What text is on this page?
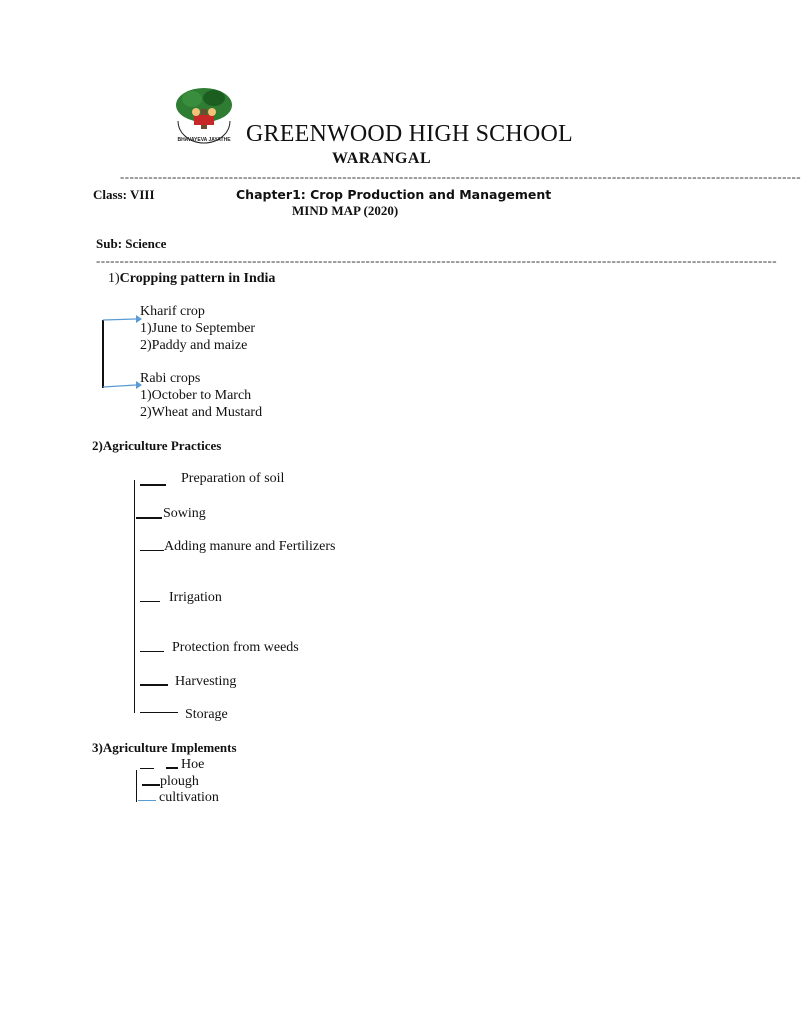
BHAVAYEVA JAYATHE GREENWOOD HIGH SCHOOL
WARANGAL
------------------------------------------------------------------------------------------------------------------------------------------------
Class: VIII	Chapter1: Crop Production and Management
MIND MAP (2020)
Sub: Science
------------------------------------------------------------------------------------------------------------------------------------------------
1)Cropping pattern in India
Kharif crop
1)June to September
2)Paddy and maize
Rabi crops
1)October to March
2)Wheat and Mustard
2)Agriculture Practices
Preparation of soil
Sowing
Adding manure and Fertilizers
Irrigation
Protection from weeds
Harvesting
Storage
3)Agriculture Implements
Hoe
plough
cultivation
